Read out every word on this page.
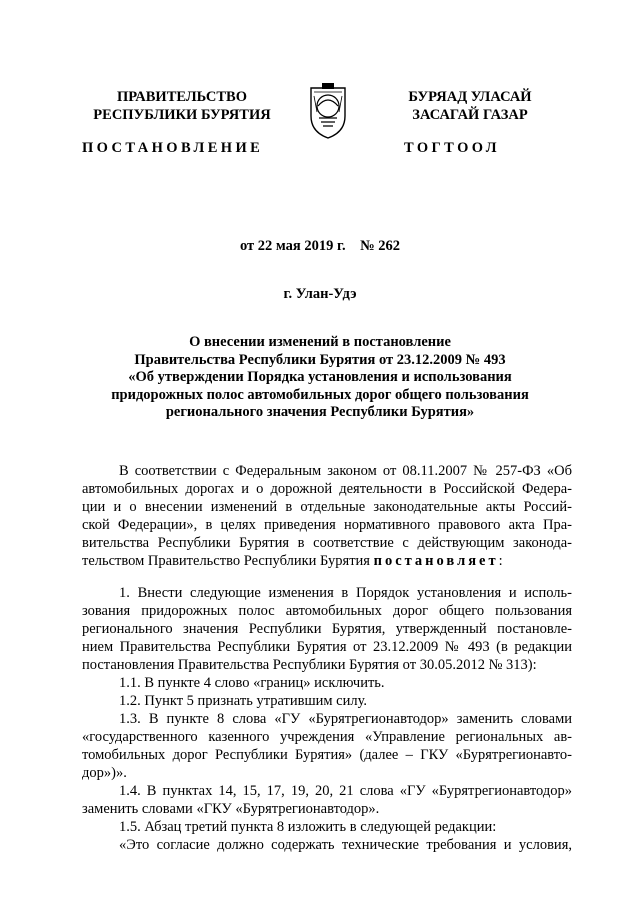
ПРАВИТЕЛЬСТВО
РЕСПУБЛИКИ БУРЯТИЯ
БУРЯАД УЛАСАЙ
ЗАСАГАЙ ГАЗАР
ПОСТАНОВЛЕНИЕ	ТОГТООЛ
от 22 мая 2019 г. № 262
г. Улан-Удэ
О внесении изменений в постановление
Правительства Республики Бурятия от 23.12.2009 № 493
«Об утверждении Порядка установления и использования
придорожных полос автомобильных дорог общего пользования
регионального значения Республики Бурятия»
В соответствии с Федеральным законом от 08.11.2007 № 257-ФЗ «Об
автомобильных дорогах и о дорожной деятельности в Российской Федера-
ции и о внесении изменений в отдельные законодательные акты Россий-
ской Федерации», в целях приведения нормативного правового акта Пра-
вительства Республики Бурятия в соответствие с действующим законода-
тельством Правительство Республики Бурятия постановляет:
1. Внести следующие изменения в Порядок установления и исполь-
зования придорожных полос автомобильных дорог общего пользования
регионального значения Республики Бурятия, утвержденный постановле-
нием Правительства Республики Бурятия от 23.12.2009 № 493 (в редакции
постановления Правительства Республики Бурятия от 30.05.2012 № 313):
1.1. В пункте 4 слово «границ» исключить.
1.2. Пункт 5 признать утратившим силу.
1.3. В пункте 8 слова «ГУ «Бурятрегионавтодор» заменить словами
«государственного казенного учреждения «Управление региональных ав-
томобильных дорог Республики Бурятия» (далее – ГКУ «Бурятрегионавто-
дор»)».
1.4. В пунктах 14, 15, 17, 19, 20, 21 слова «ГУ «Бурятрегионавтодор»
заменить словами «ГКУ «Бурятрегионавтодор».
1.5. Абзац третий пункта 8 изложить в следующей редакции:
«Это согласие должно содержать технические требования и условия,
